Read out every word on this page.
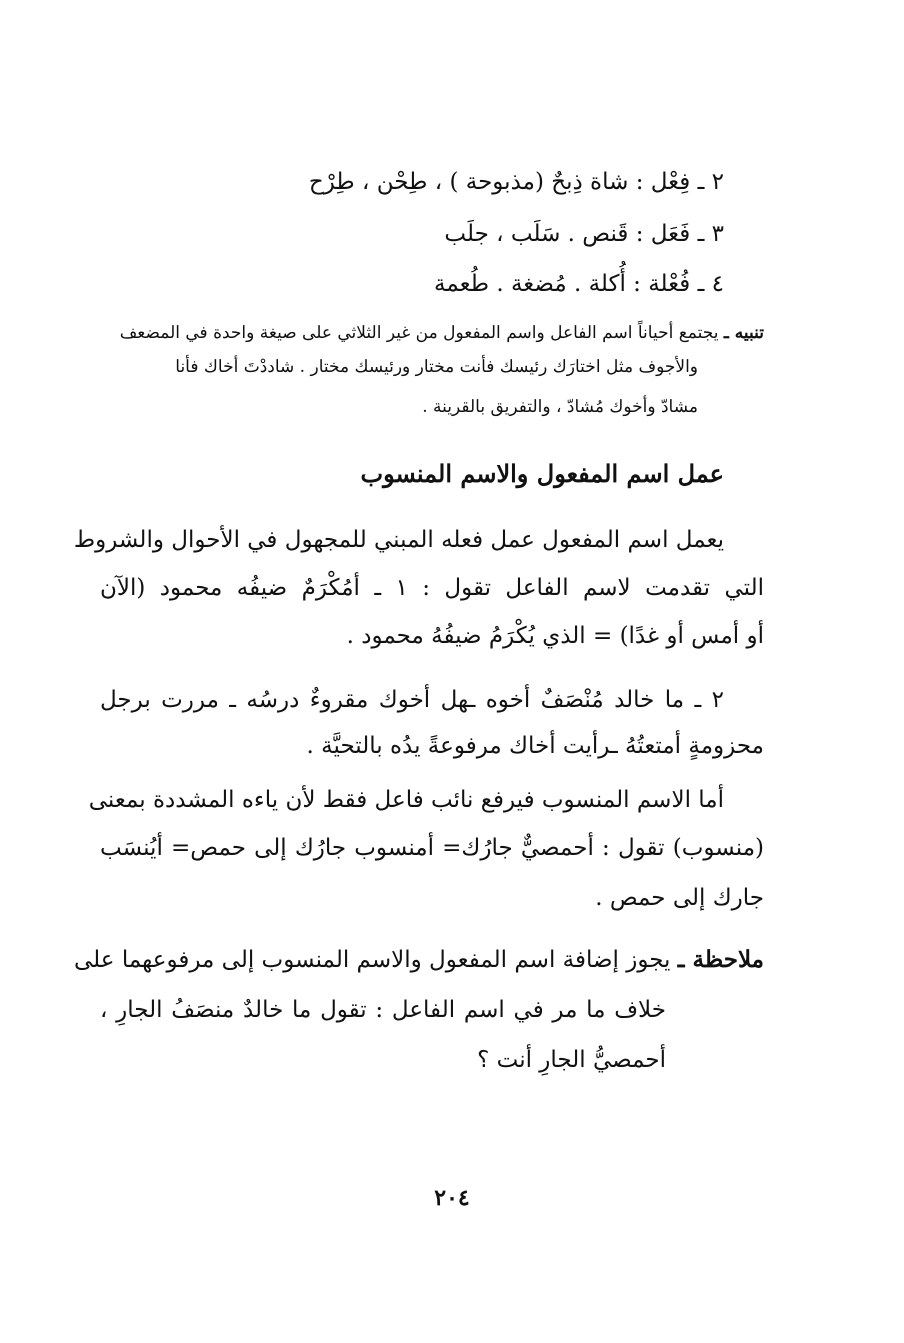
٢ ـ فِعْل : شاة ذِبحٌ (مذبوحة ) ، طِحْن ، طِرْح
٣ ـ فَعَل : قَنص . سَلَب ، جلَب
٤ ـ فُعْلة : أُكلة . مُضغة . طُعمة
تنبيه ـ يجتمع أحياناً اسم الفاعل واسم المفعول من غير الثلاثي على صيغة واحدة في المضعف
والأجوف مثل اختارَك رئيسك فأنت مختار ورئيسك مختار . شاددْتَ أخاك فأنا
مشادّ وأخوك مُشادّ ، والتفريق بالقرينة .
عمل اسم المفعول والاسم المنسوب
يعمل اسم المفعول عمل فعله المبني للمجهول في الأحوال والشروط
التي تقدمت لاسم الفاعل تقول : ١ ـ أمُكْرَمٌ ضيفُه محمود (الآن
أو أمس أو غدًا) = الذي يُكْرَمُ ضيفُهُ محمود .
٢ ـ ما خالد مُنْصَفٌ أخوه ـهل أخوك مقروءٌ درسُه ـ مررت برجل
محزومةٍ أمتعتُهُ ـرأيت أخاك مرفوعةً يدُه بالتحيَّة .
أما الاسم المنسوب فيرفع نائب فاعل فقط لأن ياءه المشددة بمعنى
(منسوب) تقول : أحمصيٌّ جارُك= أمنسوب جارُك إلى حمص= أيُنسَب
جارك إلى حمص .
ملاحظة ـ يجوز إضافة اسم المفعول والاسم المنسوب إلى مرفوعهما على
خلاف ما مر في اسم الفاعل : تقول ما خالدٌ منصَفُ الجارِ ،
أحمصيُّ الجارِ أنت ؟
٢٠٤
